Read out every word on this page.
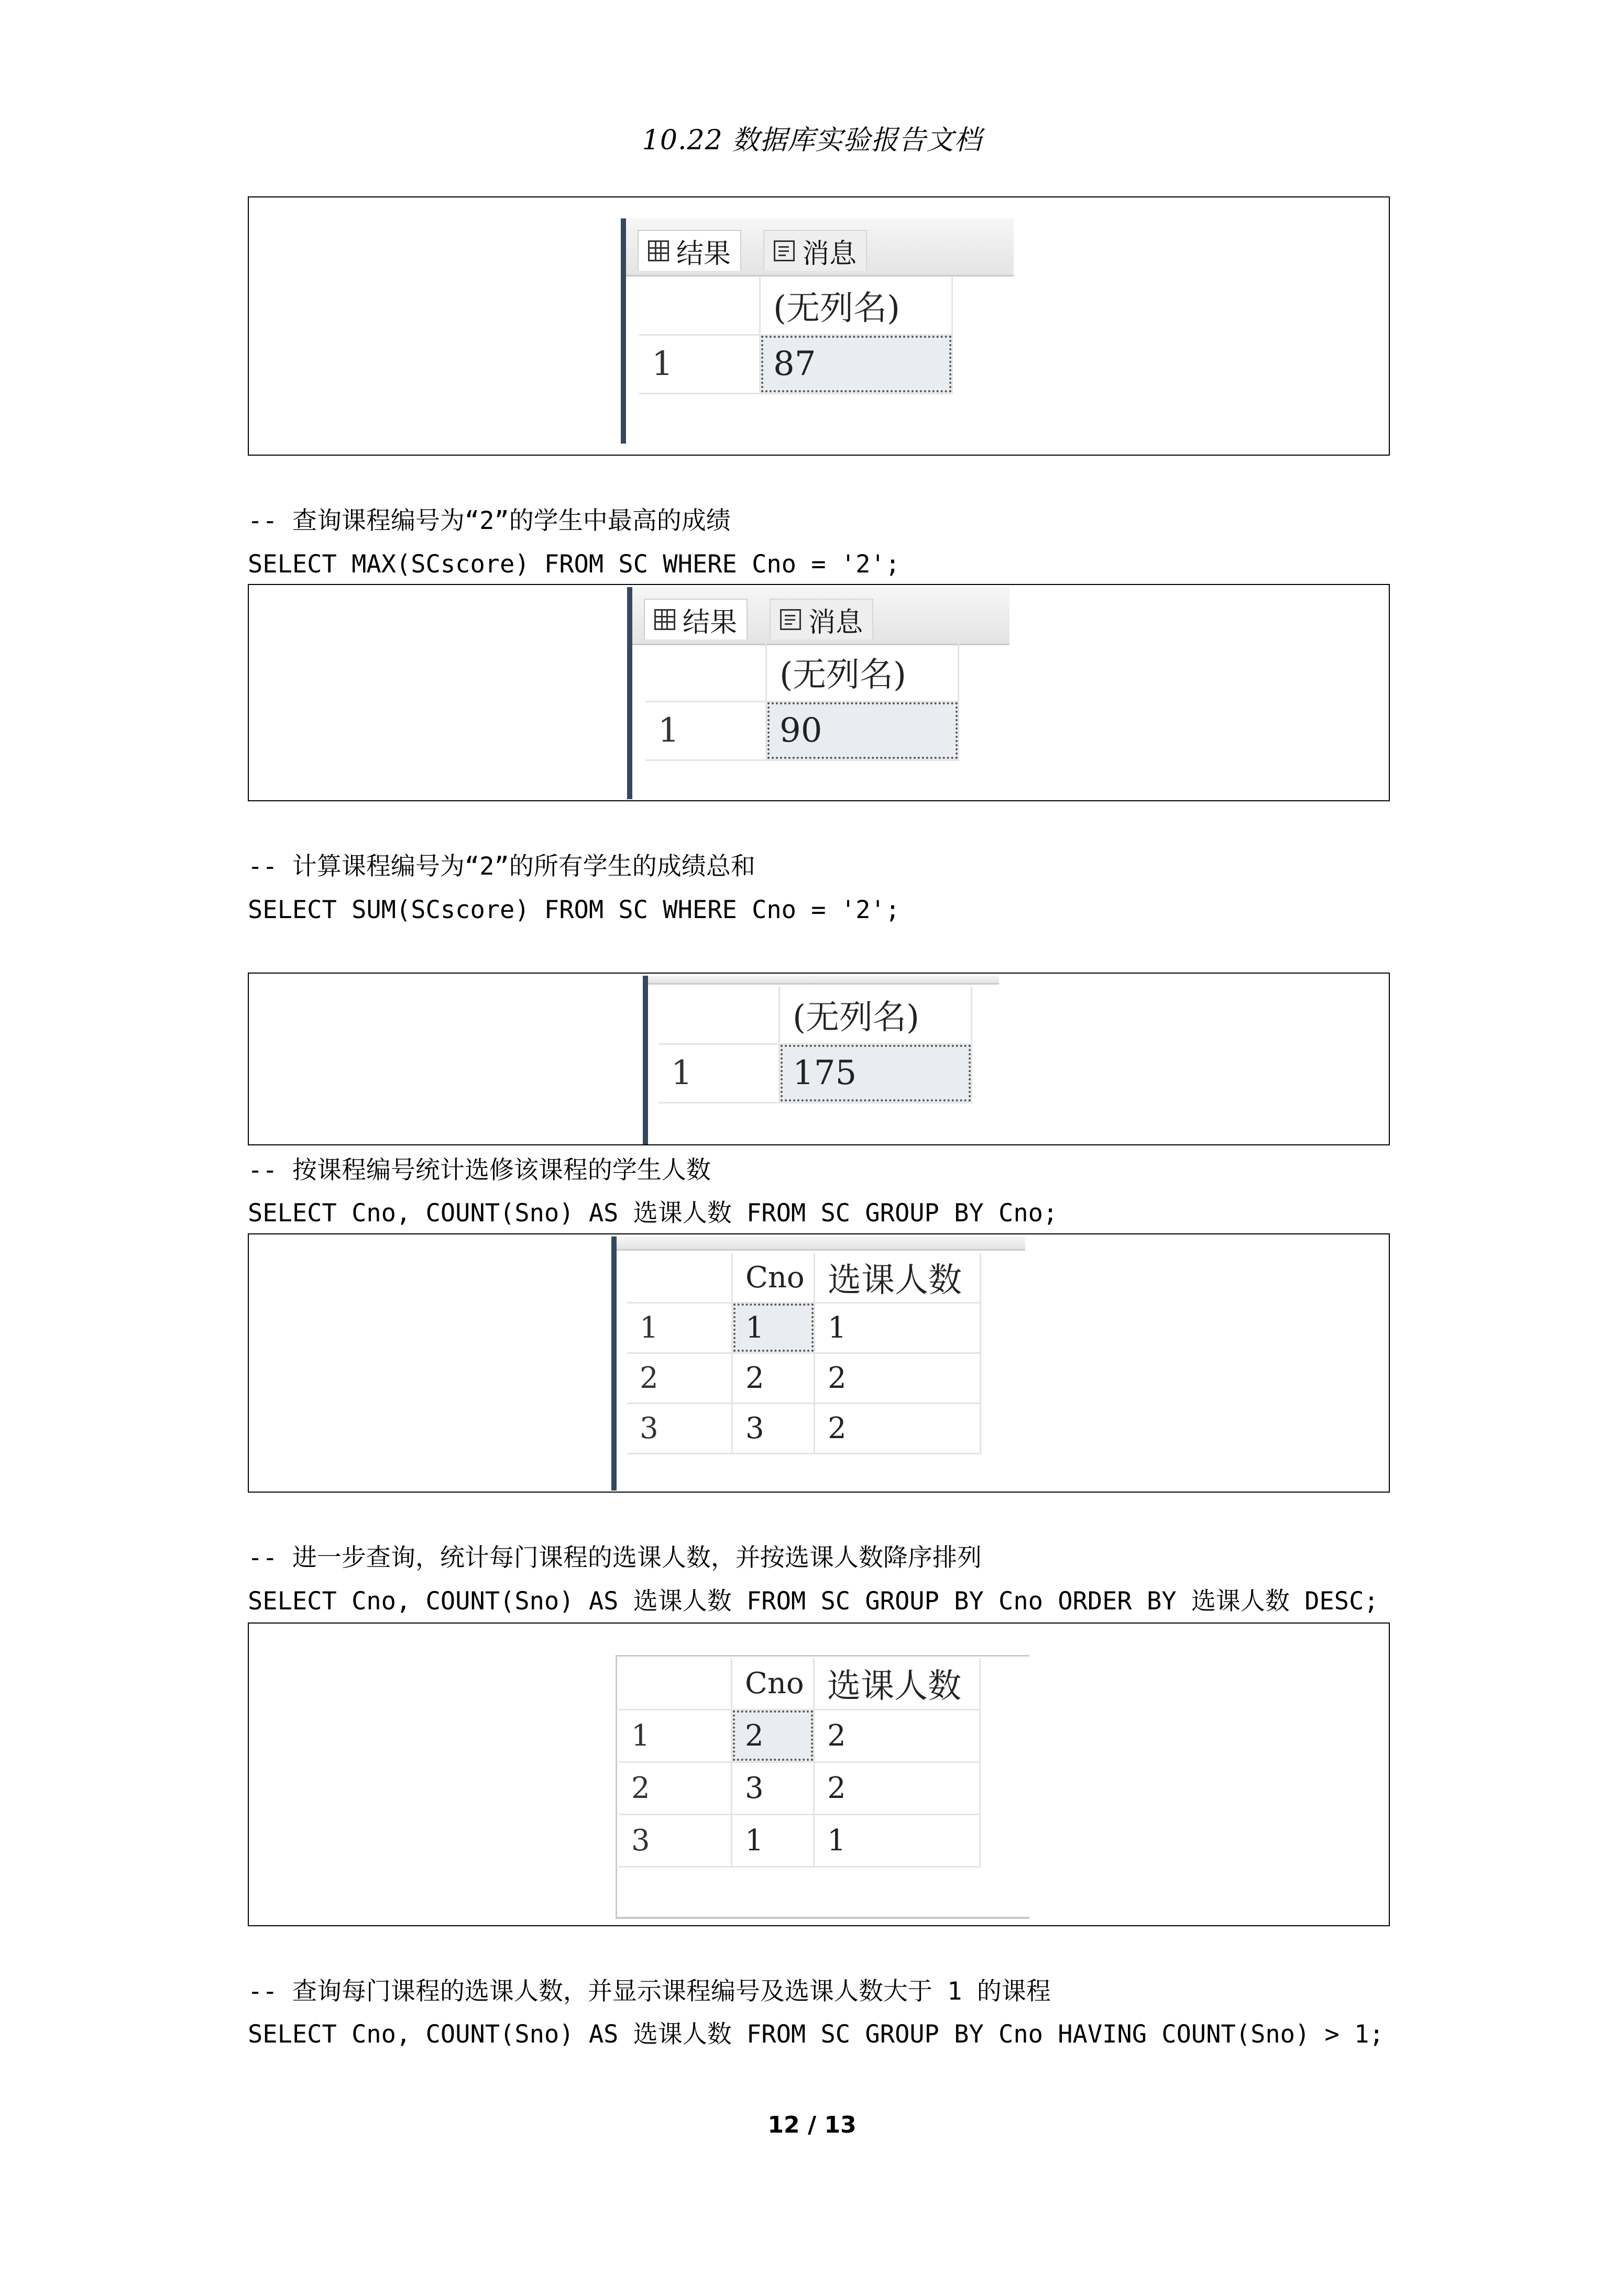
10.22 数据库实验报告文档
结果	消息
	(无列名)
1	87
-- 查询课程编号为“2”的学生中最高的成绩
SELECT MAX(SCscore) FROM SC WHERE Cno = '2';
结果	消息
	(无列名)
1	90
-- 计算课程编号为“2”的所有学生的成绩总和
SELECT SUM(SCscore) FROM SC WHERE Cno = '2';
	(无列名)
1	175
-- 按课程编号统计选修该课程的学生人数
SELECT Cno, COUNT(Sno) AS 选课人数 FROM SC GROUP BY Cno;
	Cno	选课人数
1	1	1
2	2	2
3	3	2
-- 进一步查询，统计每门课程的选课人数，并按选课人数降序排列
SELECT Cno, COUNT(Sno) AS 选课人数 FROM SC GROUP BY Cno ORDER BY 选课人数 DESC;
	Cno	选课人数
1	2	2
2	3	2
3	1	1
-- 查询每门课程的选课人数，并显示课程编号及选课人数大于 1 的课程
SELECT Cno, COUNT(Sno) AS 选课人数 FROM SC GROUP BY Cno HAVING COUNT(Sno) > 1;
12 / 13
